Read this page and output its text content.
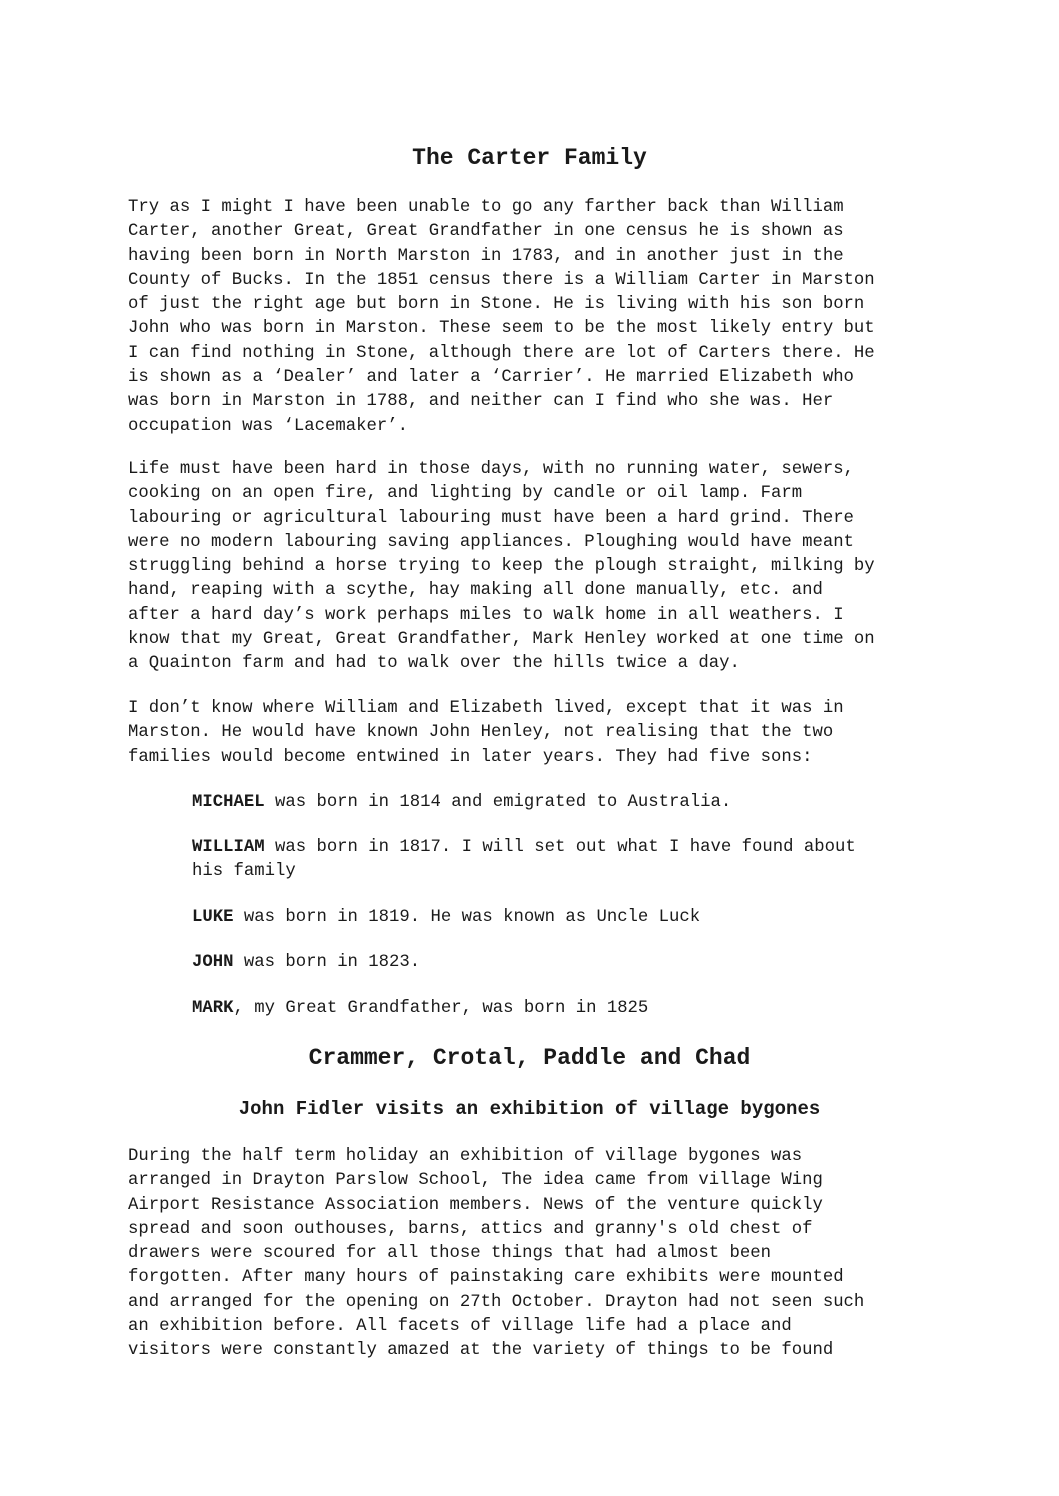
The Carter Family
Try as I might I have been unable to go any farther back than William
Carter, another Great, Great Grandfather in one census he is shown as
having been born in North Marston in 1783, and in another just in the
County of Bucks. In the 1851 census there is a William Carter in Marston
of just the right age but born in Stone. He is living with his son born
John who was born in Marston. These seem to be the most likely entry but
I can find nothing in Stone, although there are lot of Carters there. He
is shown as a ‘Dealer’ and later a ‘Carrier’. He married Elizabeth who
was born in Marston in 1788, and neither can I find who she was. Her
occupation was ‘Lacemaker’.
Life must have been hard in those days, with no running water, sewers,
cooking on an open fire, and lighting by candle or oil lamp. Farm
labouring or agricultural labouring must have been a hard grind. There
were no modern labouring saving appliances. Ploughing would have meant
struggling behind a horse trying to keep the plough straight, milking by
hand, reaping with a scythe, hay making all done manually, etc. and
after a hard day’s work perhaps miles to walk home in all weathers. I
know that my Great, Great Grandfather, Mark Henley worked at one time on
a Quainton farm and had to walk over the hills twice a day.
I don’t know where William and Elizabeth lived, except that it was in
Marston. He would have known John Henley, not realising that the two
families would become entwined in later years. They had five sons:
MICHAEL was born in 1814 and emigrated to Australia.
WILLIAM was born in 1817. I will set out what I have found about
his family
LUKE was born in 1819. He was known as Uncle Luck
JOHN was born in 1823.
MARK, my Great Grandfather, was born in 1825
Crammer, Crotal, Paddle and Chad
John Fidler visits an exhibition of village bygones
During the half term holiday an exhibition of village bygones was
arranged in Drayton Parslow School, The idea came from village Wing
Airport Resistance Association members. News of the venture quickly
spread and soon outhouses, barns, attics and granny's old chest of
drawers were scoured for all those things that had almost been
forgotten. After many hours of painstaking care exhibits were mounted
and arranged for the opening on 27th October. Drayton had not seen such
an exhibition before. All facets of village life had a place and
visitors were constantly amazed at the variety of things to be found
